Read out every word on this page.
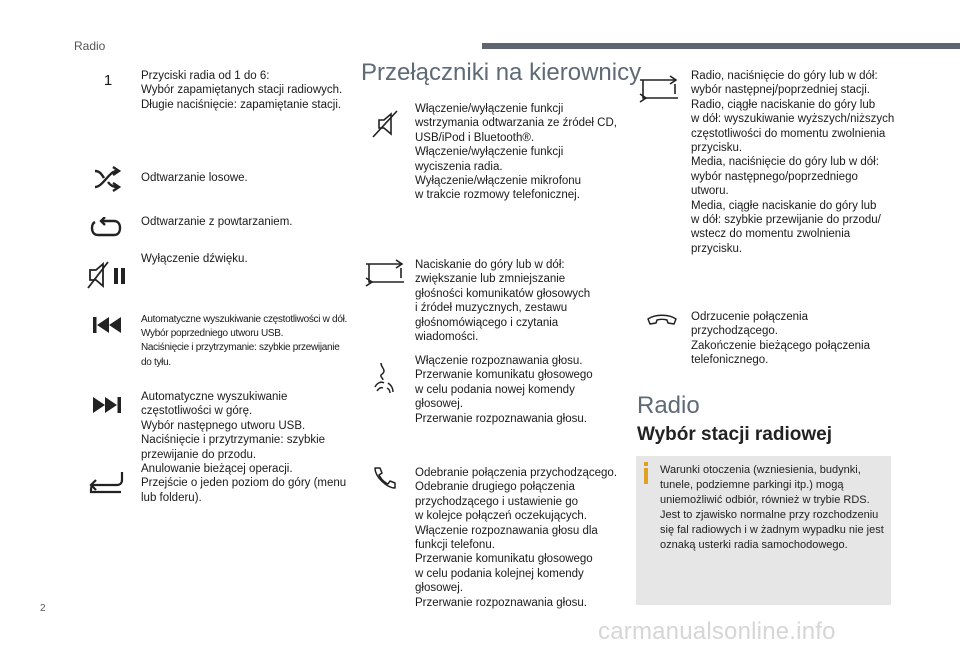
Radio
2
carmanualsonline.info
1	Przyciski radia od 1 do 6:
Wybór zapamiętanych stacji radiowych.
Długie naciśnięcie: zapamiętanie stacji.
Odtwarzanie losowe.
Odtwarzanie z powtarzaniem.
Wyłączenie dźwięku.
Automatyczne wyszukiwanie częstotliwości w dół.
Wybór poprzedniego utworu USB.
Naciśnięcie i przytrzymanie: szybkie przewijanie
do tyłu.
Automatyczne wyszukiwanie
częstotliwości w górę.
Wybór następnego utworu USB.
Naciśnięcie i przytrzymanie: szybkie
przewijanie do przodu.
Anulowanie bieżącej operacji.
Przejście o jeden poziom do góry (menu
lub folderu).
Przełączniki na kierownicy
Włączenie/wyłączenie funkcji
wstrzymania odtwarzania ze źródeł CD,
USB/iPod i Bluetooth®.
Włączenie/wyłączenie funkcji
wyciszenia radia.
Wyłączenie/włączenie mikrofonu
w trakcie rozmowy telefonicznej.
Naciskanie do góry lub w dół:
zwiększanie lub zmniejszanie
głośności komunikatów głosowych
i źródeł muzycznych, zestawu
głośnomówiącego i czytania
wiadomości.
Włączenie rozpoznawania głosu.
Przerwanie komunikatu głosowego
w celu podania nowej komendy
głosowej.
Przerwanie rozpoznawania głosu.
Odebranie połączenia przychodzącego.
Odebranie drugiego połączenia
przychodzącego i ustawienie go
w kolejce połączeń oczekujących.
Włączenie rozpoznawania głosu dla
funkcji telefonu.
Przerwanie komunikatu głosowego
w celu podania kolejnej komendy
głosowej.
Przerwanie rozpoznawania głosu.
Radio, naciśnięcie do góry lub w dół:
wybór następnej/poprzedniej stacji.
Radio, ciągłe naciskanie do góry lub
w dół: wyszukiwanie wyższych/niższych
częstotliwości do momentu zwolnienia
przycisku.
Media, naciśnięcie do góry lub w dół:
wybór następnego/poprzedniego
utworu.
Media, ciągłe naciskanie do góry lub
w dół: szybkie przewijanie do przodu/
wstecz do momentu zwolnienia
przycisku.
Odrzucenie połączenia
przychodzącego.
Zakończenie bieżącego połączenia
telefonicznego.
Radio
Wybór stacji radiowej
Warunki otoczenia (wzniesienia, budynki,
tunele, podziemne parkingi itp.) mogą
uniemożliwić odbiór, również w trybie RDS.
Jest to zjawisko normalne przy rozchodzeniu
się fal radiowych i w żadnym wypadku nie jest
oznaką usterki radia samochodowego.
